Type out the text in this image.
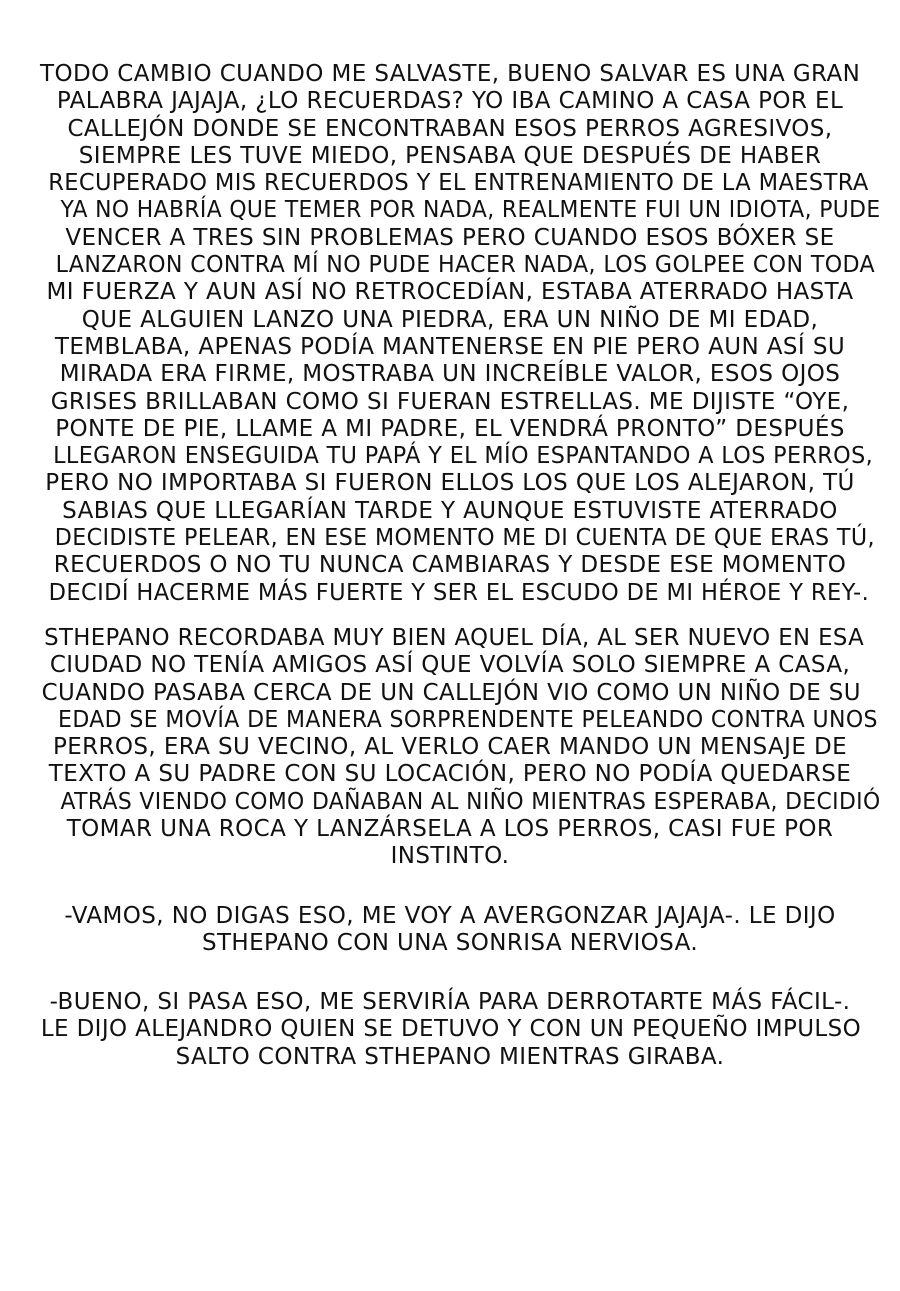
TODO CAMBIO CUANDO ME SALVASTE, BUENO SALVAR ES UNA GRAN
PALABRA JAJAJA, ¿LO RECUERDAS? YO IBA CAMINO A CASA POR EL
CALLEJÓN DONDE SE ENCONTRABAN ESOS PERROS AGRESIVOS,
SIEMPRE LES TUVE MIEDO, PENSABA QUE DESPUÉS DE HABER
RECUPERADO MIS RECUERDOS Y EL ENTRENAMIENTO DE LA MAESTRA
YA NO HABRÍA QUE TEMER POR NADA, REALMENTE FUI UN IDIOTA, PUDE
VENCER A TRES SIN PROBLEMAS PERO CUANDO ESOS BÓXER SE
LANZARON CONTRA MÍ NO PUDE HACER NADA, LOS GOLPEE CON TODA
MI FUERZA Y AUN ASÍ NO RETROCEDÍAN, ESTABA ATERRADO HASTA
QUE ALGUIEN LANZO UNA PIEDRA, ERA UN NIÑO DE MI EDAD,
TEMBLABA, APENAS PODÍA MANTENERSE EN PIE PERO AUN ASÍ SU
MIRADA ERA FIRME, MOSTRABA UN INCREÍBLE VALOR, ESOS OJOS
GRISES BRILLABAN COMO SI FUERAN ESTRELLAS. ME DIJISTE “OYE,
PONTE DE PIE, LLAME A MI PADRE, EL VENDRÁ PRONTO” DESPUÉS
LLEGARON ENSEGUIDA TU PAPÁ Y EL MÍO ESPANTANDO A LOS PERROS,
PERO NO IMPORTABA SI FUERON ELLOS LOS QUE LOS ALEJARON, TÚ
SABIAS QUE LLEGARÍAN TARDE Y AUNQUE ESTUVISTE ATERRADO
DECIDISTE PELEAR, EN ESE MOMENTO ME DI CUENTA DE QUE ERAS TÚ,
RECUERDOS O NO TU NUNCA CAMBIARAS Y DESDE ESE MOMENTO
DECIDÍ HACERME MÁS FUERTE Y SER EL ESCUDO DE MI HÉROE Y REY-.
STHEPANO RECORDABA MUY BIEN AQUEL DÍA, AL SER NUEVO EN ESA
CIUDAD NO TENÍA AMIGOS ASÍ QUE VOLVÍA SOLO SIEMPRE A CASA,
CUANDO PASABA CERCA DE UN CALLEJÓN VIO COMO UN NIÑO DE SU
EDAD SE MOVÍA DE MANERA SORPRENDENTE PELEANDO CONTRA UNOS
PERROS, ERA SU VECINO, AL VERLO CAER MANDO UN MENSAJE DE
TEXTO A SU PADRE CON SU LOCACIÓN, PERO NO PODÍA QUEDARSE
ATRÁS VIENDO COMO DAÑABAN AL NIÑO MIENTRAS ESPERABA, DECIDIÓ
TOMAR UNA ROCA Y LANZÁRSELA A LOS PERROS, CASI FUE POR
INSTINTO.
-VAMOS, NO DIGAS ESO, ME VOY A AVERGONZAR JAJAJA-. LE DIJO
STHEPANO CON UNA SONRISA NERVIOSA.
-BUENO, SI PASA ESO, ME SERVIRÍA PARA DERROTARTE MÁS FÁCIL-.
LE DIJO ALEJANDRO QUIEN SE DETUVO Y CON UN PEQUEÑO IMPULSO
SALTO CONTRA STHEPANO MIENTRAS GIRABA.
